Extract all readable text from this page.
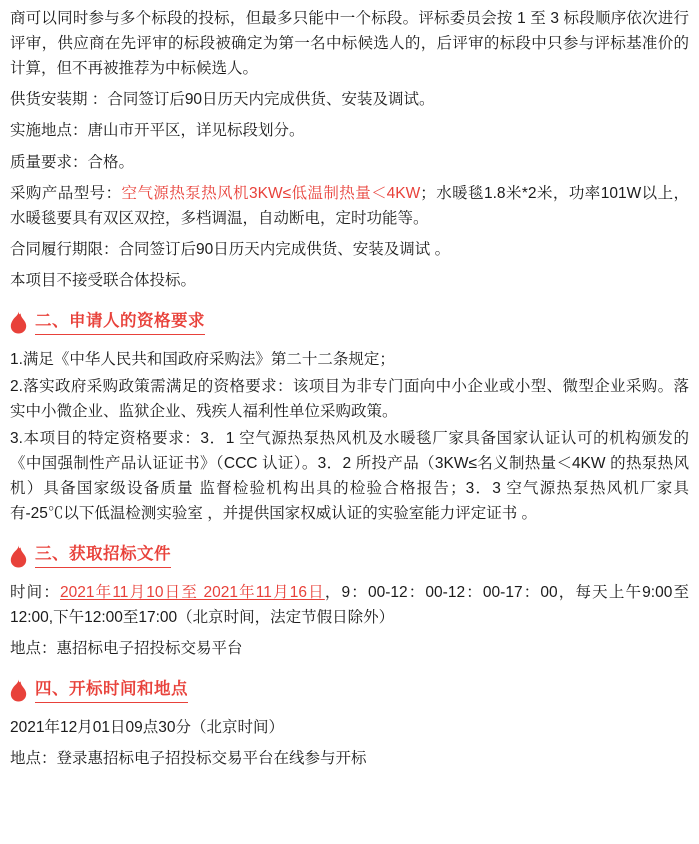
商可以同时参与多个标段的投标，但最多只能中一个标段。评标委员会按 1 至 3 标段顺序依次进行评审，供应商在先评审的标段被确定为第一名中标候选人的，后评审的标段中只参与评标基准价的计算，但不再被推荐为中标候选人。

供货安装期 ：合同签订后90日历天内完成供货、安装及调试。

实施地点：唐山市开平区，详见标段划分。

质量要求：合格。

采购产品型号：空气源热泵热风机3KW≤低温制热量＜4KW；水暖毯1.8米*2米，功率101W以上，水暖毯要具有双区双控，多档调温，自动断电，定时功能等。

合同履行期限：合同签订后90日历天内完成供货、安装及调试 。

本项目不接受联合体投标。

二、申请人的资格要求

1.满足《中华人民共和国政府采购法》第二十二条规定；

2.落实政府采购政策需满足的资格要求：该项目为非专门面向中小企业或小型、微型企业采购。落实中小微企业、监狱企业、残疾人福利性单位采购政策。

3.本项目的特定资格要求：3．1 空气源热泵热风机及水暖毯厂家具备国家认证认可的机构颁发的《中国强制性产品认证证书》（CCC 认证）。3．2 所投产品（3KW≤名义制热量＜4KW 的热泵热风机）具备国家级设备质量 监督检验机构出具的检验合格报告；3．3 空气源热泵热风机厂家具有-25℃以下低温检测实验室 ，并提供国家权威认证的实验室能力评定证书 。

三、获取招标文件

时间：2021年11月10日至 2021年11月16日，9：00-12：00-12：00-17：00，每天上午9:00至12:00,下午12:00至17:00（北京时间，法定节假日除外）

地点：惠招标电子招投标交易平台

四、开标时间和地点

2021年12月01日09点30分（北京时间）

地点：登录惠招标电子招投标交易平台在线参与开标
